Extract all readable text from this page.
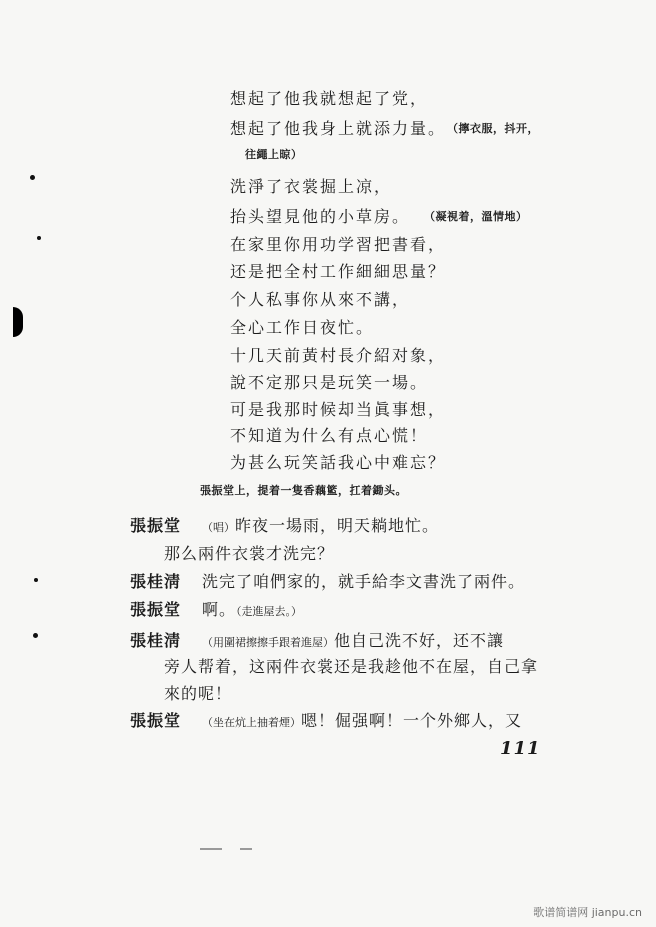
想起了他我就想起了党，
想起了他我身上就添力量。 （擰衣服，抖开，
往繩上晾）
洗淨了衣裳掘上凉，
抬头望見他的小草房。 （凝視着，溫情地）
在家里你用功学習把書看，
还是把全村工作細細思量？
个人私事你从來不講，
全心工作日夜忙。
十几天前黃村長介紹对象，
說不定那只是玩笑一場。
可是我那时候却当眞事想，
不知道为什么有点心慌！
为甚么玩笑話我心中难忘？
張振堂上，提着一隻香藕籃，扛着鋤头。
張振堂 （唱）昨夜一場雨，明天耥地忙。
那么兩件衣裳才洗完？
張桂淸 洗完了咱們家的，就手給李文書洗了兩件。
張振堂 啊。（走進屋去。）
張桂淸 （用圍裙擦擦手跟着進屋）他自己洗不好，还不讓
旁人帮着，这兩件衣裳还是我趁他不在屋，自己拿
來的呢！
張振堂 （坐在炕上抽着煙）嗯！倔强啊！一个外鄉人，又
111
歌谱简谱网 jianpu.cn
